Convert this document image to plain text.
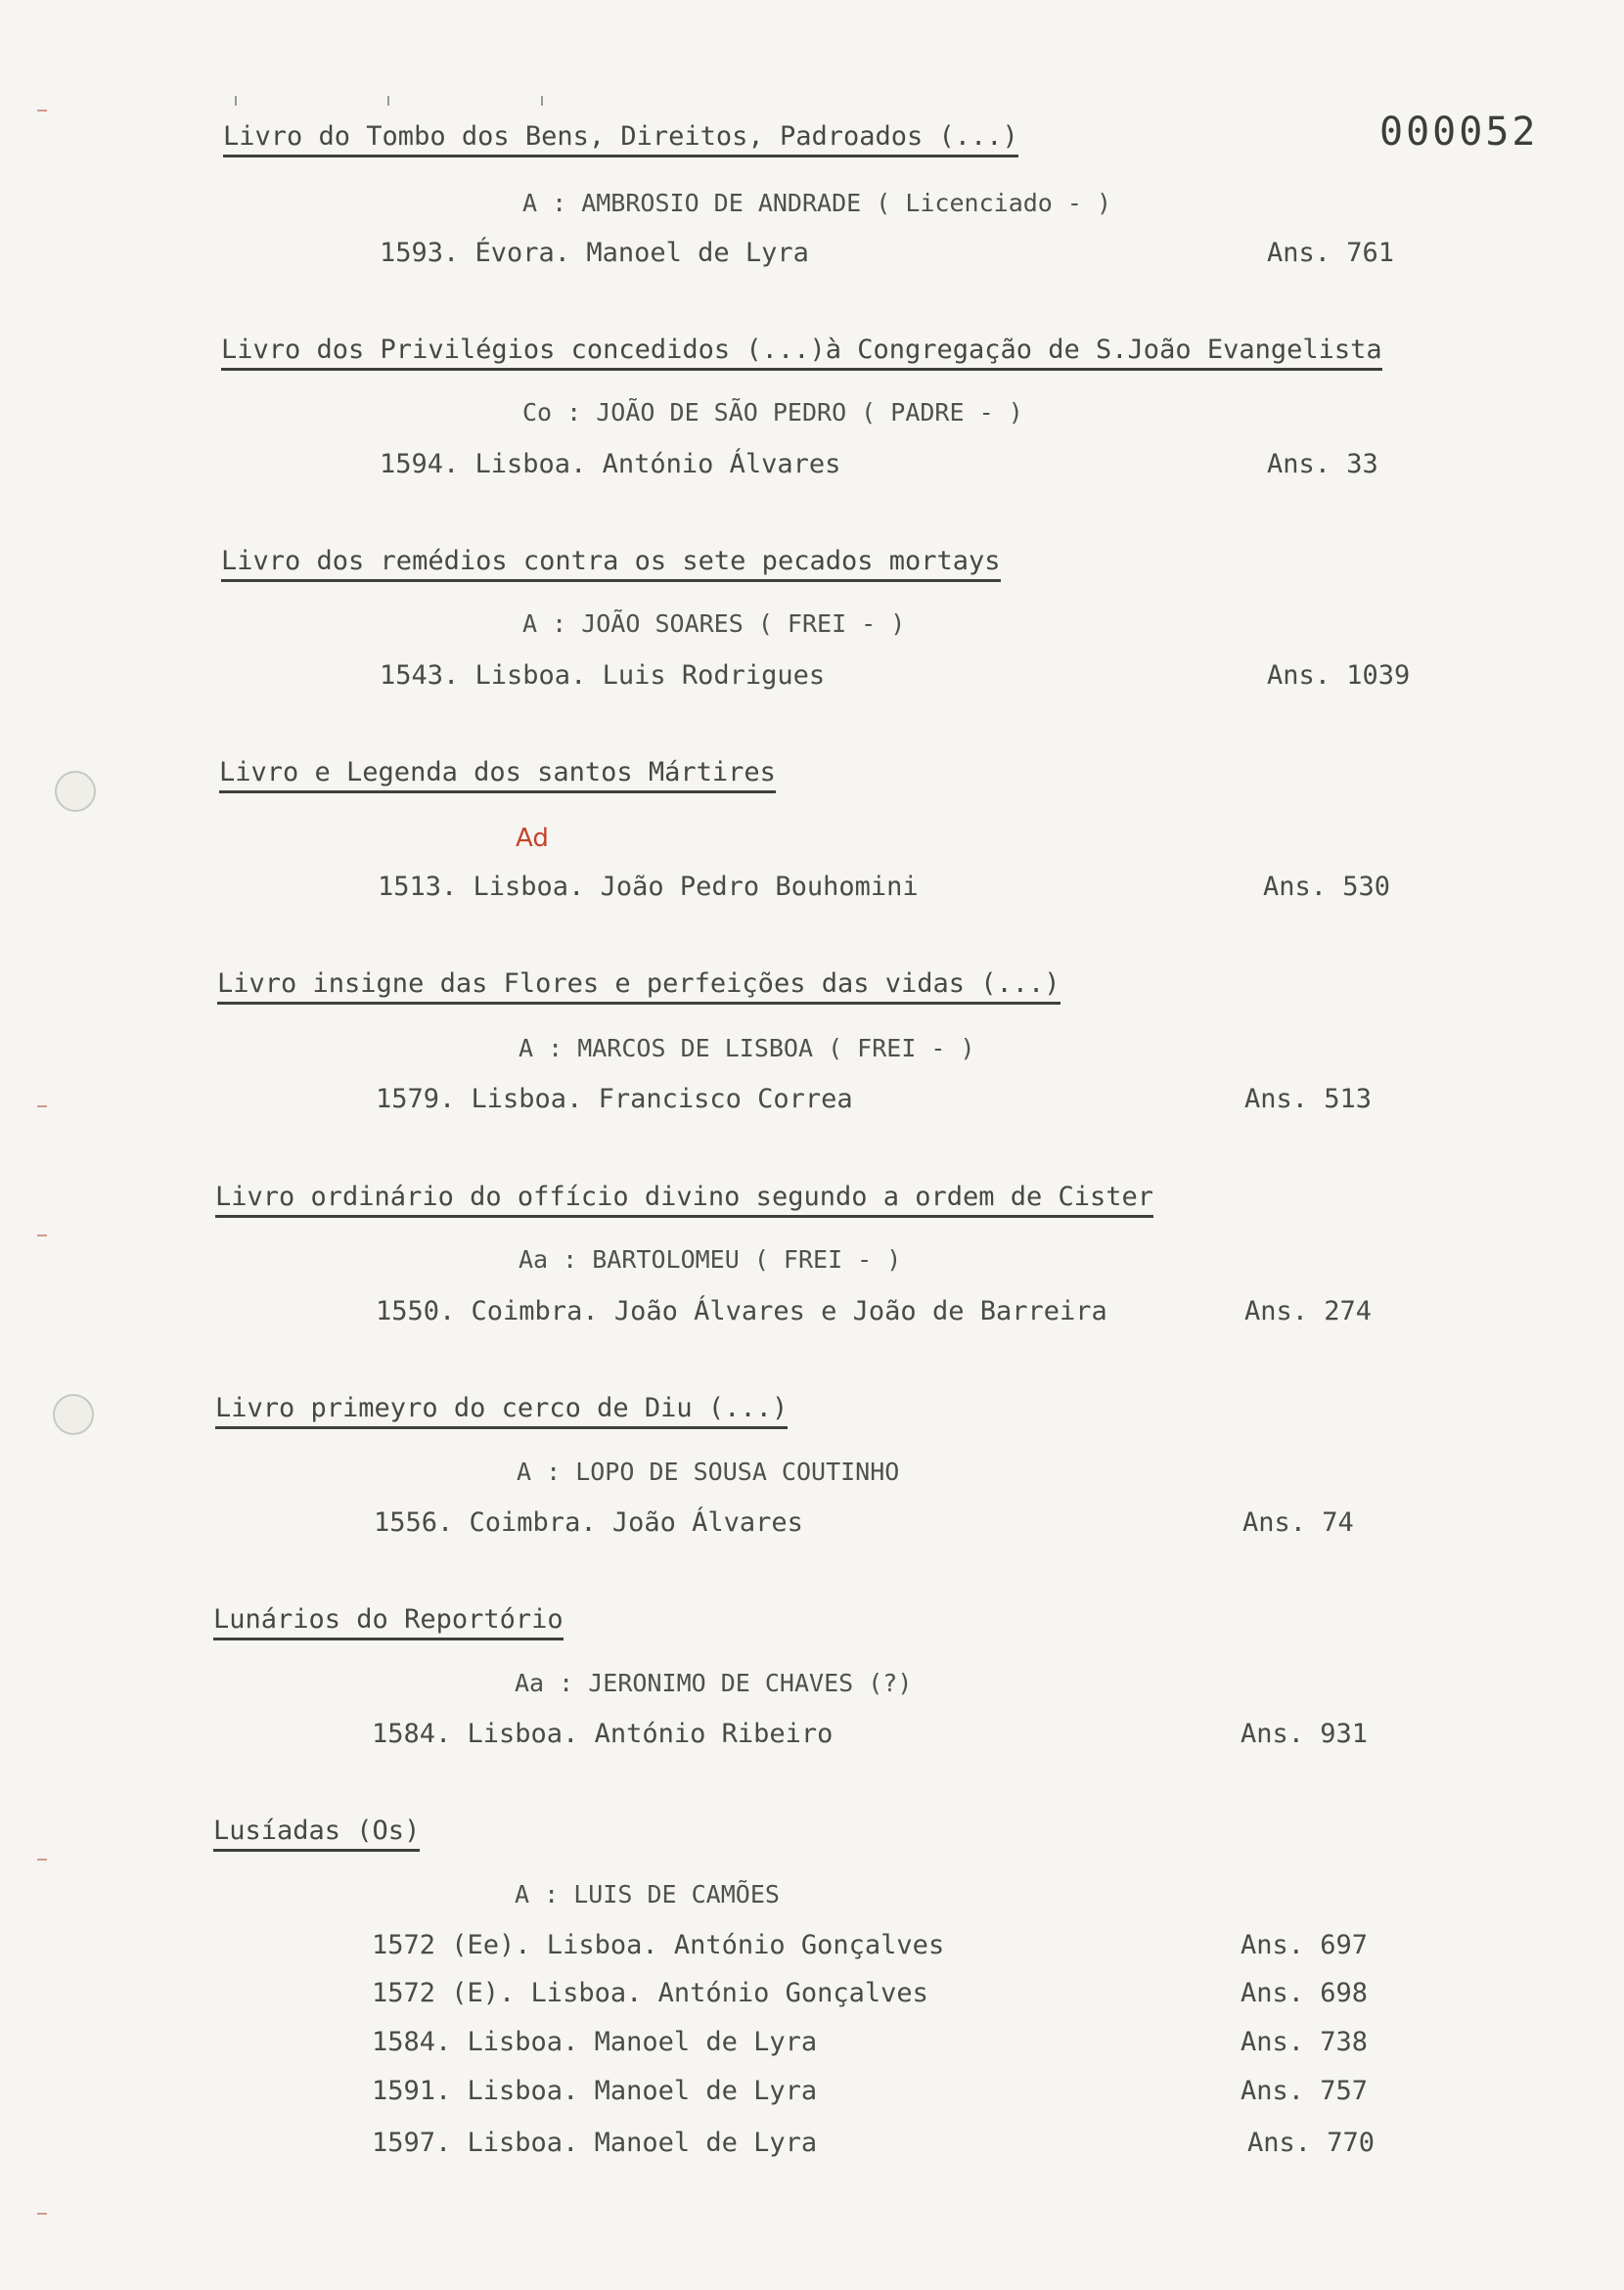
000052
Livro do Tombo dos Bens, Direitos, Padroados (...)
A : AMBROSIO DE ANDRADE ( Licenciado - )
1593. Évora. Manoel de Lyra	Ans. 761
Livro dos Privilégios concedidos (...)à Congregação de S.João Evangelista
Co : JOÃO DE SÃO PEDRO ( PADRE - )
1594. Lisboa. António Álvares	Ans. 33
Livro dos remédios contra os sete pecados mortays
A : JOÃO SOARES ( FREI - )
1543. Lisboa. Luis Rodrigues	Ans. 1039
Livro e Legenda dos santos Mártires
Ad
1513. Lisboa. João Pedro Bouhomini	Ans. 530
Livro insigne das Flores e perfeições das vidas (...)
A : MARCOS DE LISBOA ( FREI - )
1579. Lisboa. Francisco Correa	Ans. 513
Livro ordinário do offício divino segundo a ordem de Cister
Aa : BARTOLOMEU ( FREI - )
1550. Coimbra. João Álvares e João de Barreira	Ans. 274
Livro primeyro do cerco de Diu (...)
A : LOPO DE SOUSA COUTINHO
1556. Coimbra. João Álvares	Ans. 74
Lunários do Reportório
Aa : JERONIMO DE CHAVES (?)
1584. Lisboa. António Ribeiro	Ans. 931
Lusíadas (Os)
A : LUIS DE CAMÕES
1572 (Ee). Lisboa. António Gonçalves	Ans. 697
1572 (E). Lisboa. António Gonçalves	Ans. 698
1584. Lisboa. Manoel de Lyra	Ans. 738
1591. Lisboa. Manoel de Lyra	Ans. 757
1597. Lisboa. Manoel de Lyra	Ans. 770
